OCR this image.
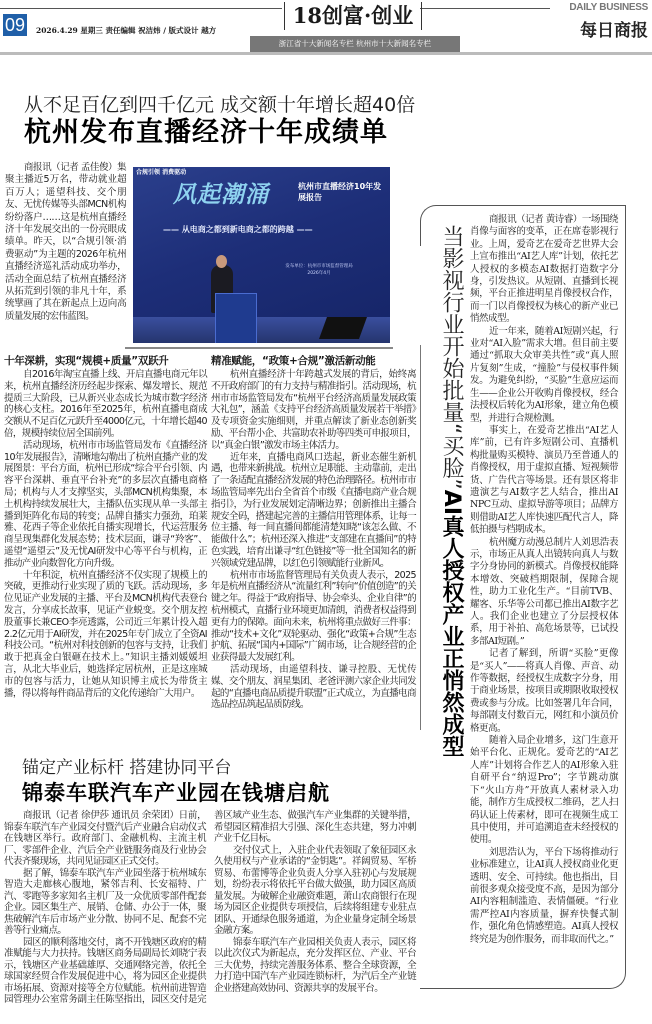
09 2026.4.29 星期三 责任编辑 祝洁炜 / 版式设计 越方
18创富·创业
浙江省十大新闻名专栏 杭州市十大新闻名专栏
DAILY BUSINESS
每日商报
从不足百亿到四千亿元 成交额十年增长超40倍
杭州发布直播经济十年成绩单

商报讯（记者 孟佳俊）集聚主播近5万名，带动就业超百万人；遥望科技、交个朋友、无忧传媒等头部MCN机构纷纷落户……这是杭州直播经济十年发展交出的一份亮眼成绩单。昨天，以“合规引领·消费驱动”为主题的2026年杭州直播经济巡礼活动成功举办，活动全面总结了杭州直播经济从拓荒到引领的非凡十年，系统擘画了其在新起点上迈向高质量发展的宏伟蓝图。

合规引领 消费驱动
风起潮涌	杭州市直播经济10年发展报告
—— 从电商之都到新电商之都的跨越 ——
发布单位：杭州市市场监督管理局 2026年4月
十年深耕，实现“规模+质量”双跃升

自2016年淘宝直播上线、开启直播电商元年以来，杭州直播经济历经起步探索、爆发增长、规范提质三大阶段，已从新兴业态成长为城市数字经济的核心支柱。2016年至2025年，杭州直播电商成交额从不足百亿元跃升至4000亿元，十年增长超40倍，规模持续位居全国前列。

活动现场，杭州市市场监管局发布《直播经济10年发展报告》，清晰地勾勒出了杭州直播产业的发展图景：平台方面，杭州已形成“综合平台引领、内容平台深耕、垂直平台补充”的多层次直播电商格局；机构与人才支撑坚实，头部MCN机构集聚，本土机构持续发展壮大，主播队伍实现从单一头部主播到矩阵化布局的转变；品牌自播实力强劲，珀莱雅、花西子等企业依托自播实现增长，代运营服务商呈现集群化发展态势；技术层面，谦寻“羚客”、遥望“遥望云”及无忧AI研发中心等平台与机构，正推动产业向数智化方向升级。

十年积淀，杭州直播经济不仅实现了规模上的突破，更推动行业实现了质的飞跃。活动现场，多位见证产业发展的主播、平台及MCN机构代表登台发言，分享成长故事，见证产业蜕变。交个朋友控股董事长兼CEO李亮透露，公司近三年累计投入超2.2亿元用于AI研发，并在2025年专门成立了全资AI科技公司。“杭州对科技创新的包容与支持，让我们敢于把真金白银砸在技术上。”知识主播刘媛媛坦言，从北大毕业后，她选择定居杭州，正是这座城市的包容与活力，让她从知识博主成长为带货主播，得以将每件商品背后的文化传递给广大用户。

精准赋能，“政策+合规”激活新动能

杭州直播经济十年跨越式发展的背后，始终离不开政府部门的有力支持与精准指引。活动现场，杭州市市场监管局发布“杭州平台经济高质量发展政策大礼包”，涵盖《支持平台经济高质量发展若干举措》及专项资金实施细则，并重点解读了新业态创新奖励、平台帮小企、共富助农补助等四类可申报项目，以“真金白银”激发市场主体活力。

近年来，直播电商风口迭起，新业态催生新机遇，也带来新挑战。杭州立足职能、主动靠前，走出了一条适配直播经济发展的特色治理路径。杭州市市场监管局率先出台全省首个市级《直播电商产业合规指引》，为行业发展划定清晰边界；创新推出主播合规安全码，搭建起完善的主播信用管理体系，让每一位主播、每一间直播间都能清楚知晓“该怎么做、不能做什么”；杭州还深入推进“支部建在直播间”的特色实践，培育出谦寻“红色链接”等一批全国知名的新兴领域党建品牌，以红色引领赋能行业新风。

杭州市市场监督管理局有关负责人表示，2025年是杭州直播经济从“流量红利”转向“价值创造”的关键之年。得益于“政府指导、协会牵头、企业自律”的杭州模式，直播行业环境更加清朗，消费者权益得到更有力的保障。面向未来，杭州将重点做好三件事：推动“技术+文化”双轮驱动、强化“政策+合规”生态护航、拓展“国内+国际”广阔市场，让合规经营的企业获得最大发展红利。

活动现场，由遥望科技、谦寻控股、无忧传媒、交个朋友、润星集团、老爸评测六家企业共同发起的“直播电商品质提升联盟”正式成立，为直播电商选品控品筑起品质防线。

锚定产业标杆 搭建协同平台
锦泰车联汽车产业园在钱塘启航

商报讯（记者 徐伊莎 通讯员 余荣团）日前，锦泰车联汽车产业园交付暨汽后产业融合启动仪式在钱塘区举行。政府部门、金融机构、主流主机厂、零部件企业、汽后全产业链服务商及行业协会代表齐聚现场，共同见证园区正式交付。

据了解，锦泰车联汽车产业园坐落于杭州城东智造大走廊核心腹地，紧邻吉利、长安福特、广汽、零跑等多家知名主机厂及一众优质零部件配套企业。园区集生产、展销、仓储、办公于一体，聚焦破解汽车后市场产业分散、协同不足、配套不完善等行业痛点。

园区的顺利落地交付，离不开钱塘区政府的精准赋能与大力扶持。钱塘区商务局副局长刘晓宁表示，钱塘区产业基础雄厚、交通网络完善，依托全球国家经贸合作发展促进中心，将为园区企业提供市场拓展、资源对接等全方位赋能。杭州前进智造园管理办公室常务副主任陈坚指出，园区交付是完善区域产业生态、做强汽车产业集群的关键举措，希望园区精准招大引强、深化生态共建，努力冲刺产业千亿目标。

交付仪式上，入驻企业代表领取了象征园区永久使用权与产业承诺的“金钥匙”。祥阔贸易、军桥贸易、布蕾博等企业负责人分享入驻初心与发展规划，纷纷表示将依托平台做大做强，助力园区高质量发展。为破解企业融资难题，萧山农商银行在现场为园区企业提供专项授信，后续将组建专业驻点团队、开通绿色服务通道，为企业量身定制全场景金融方案。

锦泰车联汽车产业园相关负责人表示，园区将以此次仪式为新起点，充分发挥区位、产业、平台三大优势，持续完善服务体系、整合全球资源，全力打造中国汽车产业园连锁标杆，为汽后全产业链企业搭建高效协同、资源共享的发展平台。

当影视行业开始批量“买脸”AI真人授权产业正悄然成型

商报讯（记者 黄诗睿）一场围绕肖像与面容的变革，正在席卷影视行业。上周，爱奇艺在爱奇艺世界大会上宣布推出“AI艺人库”计划，依托艺人授权的多模态AI数据打造数字分身，引发热议。从短剧、直播到长视频，平台正推进明星肖像授权合作，而一门以肖像授权为核心的新产业已悄然成型。

近一年来，随着AI短剧兴起，行业对“AI入脸”需求大增。但目前主要通过“抓取大众审美共性”或“真人照片复刻”生成，“撞脸”与侵权事件频发。为避免纠纷，“买脸”生意应运而生——企业公开收购肖像授权，经合法授权后转化为AI形象，建立角色模型，并进行合规检测。

事实上，在爱奇艺推出“AI艺人库”前，已有许多短剧公司、直播机构批量购买模特、演员乃至普通人的肖像授权，用于虚拟直播、短视频带货、广告代言等场景。还有景区将非遗演艺与AI数字艺人结合，推出AI NPC互动、虚拟导游等项目；品牌方则借助AI艺人库快速匹配代言人，降低拍摄与档期成本。

杭州魔方动漫总制片人刘思浩表示，市场正从真人出镜转向真人与数字分身协同的新模式。肖像授权能降本增效、突破档期限制，保障合规性，助力工业化生产。“目前TVB、耀客、乐华等公司都已推出AI数字艺人。我们企业也建立了分层授权体系，用于补拍、高危场景等，已试投多部AI短剧。”

记者了解到，所谓“买脸”更像是“买人”——将真人肖像、声音、动作等数据，经授权生成数字分身，用于商业场景，按项目或期限收取授权费或参与分成。比如签署几年合同，每部剧支付数百元，网红和小演员价格更高。

随着入局企业增多，这门生意开始平台化、正规化。爱奇艺的“AI艺人库”计划将合作艺人的AI形象入驻自研平台“纳逗Pro”；字节跳动旗下“火山方舟”开放真人素材录入功能，制作方生成授权二维码，艺人扫码认证上传素材，即可在视频生成工具中使用，并可追溯追查未经授权的使用。

刘思浩认为，平台下场将推动行业标准建立，让AI真人授权商业化更透明、安全、可持续。他也指出，目前很多观众接受度不高，是因为部分AI内容粗制滥造、表情僵硬。“行业需严控AI内容质量，摒弃快餐式制作，强化角色情感塑造。AI真人授权终究是为创作服务，而非取而代之。”
